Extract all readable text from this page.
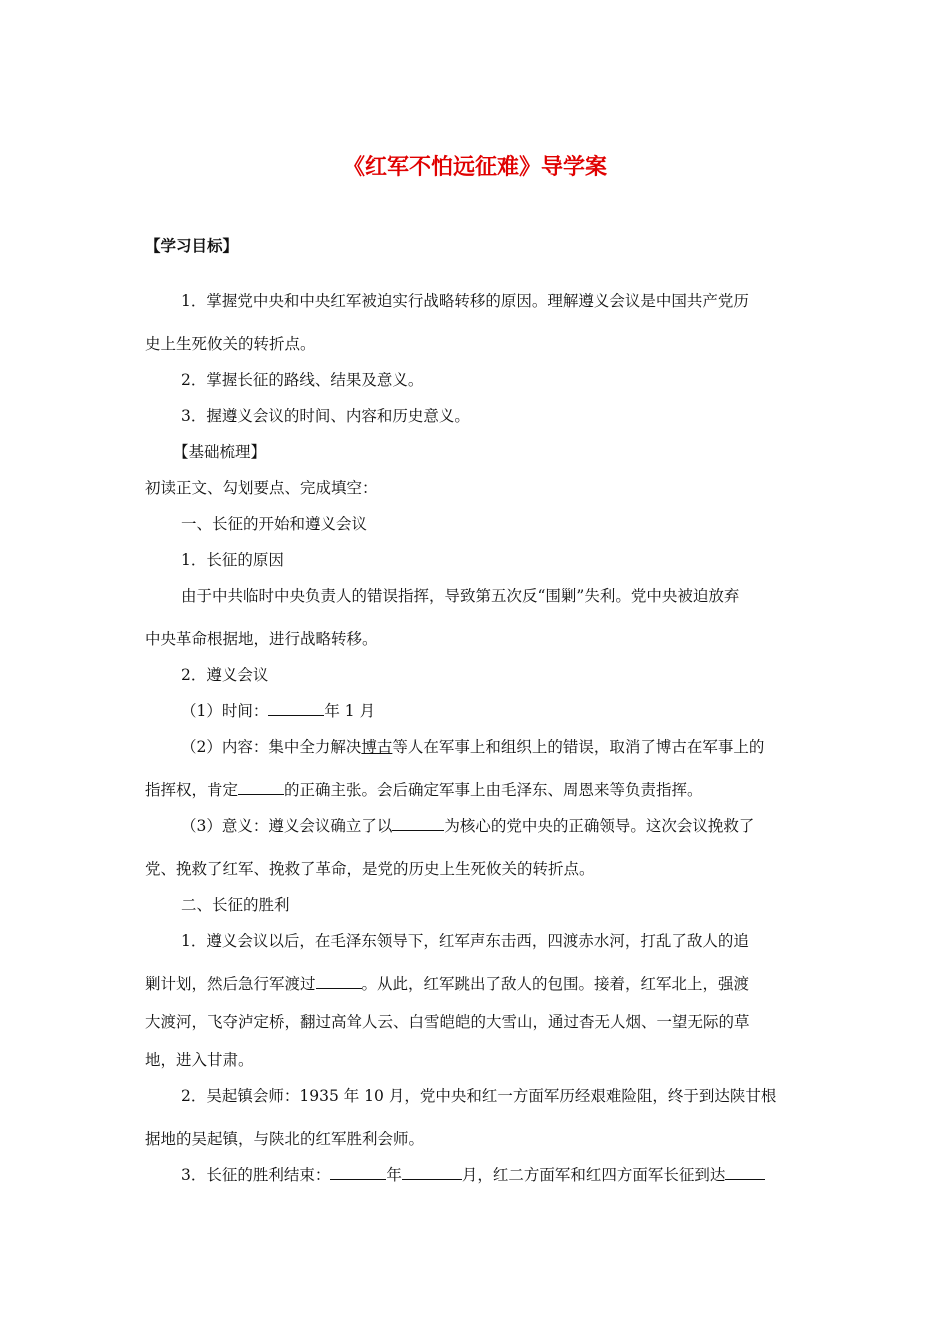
《红军不怕远征难》导学案
【学习目标】
1．掌握党中央和中央红军被迫实行战略转移的原因。理解遵义会议是中国共产党历
史上生死攸关的转折点。
2．掌握长征的路线、结果及意义。
3．握遵义会议的时间、内容和历史意义。
【基础梳理】
初读正文、勾划要点、完成填空：
一、长征的开始和遵义会议
1．长征的原因
由于中共临时中央负责人的错误指挥，导致第五次反“围剿”失利。党中央被迫放弃
中央革命根据地，进行战略转移。
2．遵义会议
（1）时间：	年 1 月
（2）内容：集中全力解决博古等人在军事上和组织上的错误，取消了博古在军事上的
指挥权，肯定	的正确主张。会后确定军事上由毛泽东、周恩来等负责指挥。
（3）意义：遵义会议确立了以	为核心的党中央的正确领导。这次会议挽救了
党、挽救了红军、挽救了革命，是党的历史上生死攸关的转折点。
二、长征的胜利
1．遵义会议以后，在毛泽东领导下，红军声东击西，四渡赤水河，打乱了敌人的追
剿计划，然后急行军渡过	。从此，红军跳出了敌人的包围。接着，红军北上，强渡
大渡河，飞夺泸定桥，翻过高耸人云、白雪皑皑的大雪山，通过杳无人烟、一望无际的草
地，进入甘肃。
2．吴起镇会师：1935 年 10 月，党中央和红一方面军历经艰难险阻，终于到达陕甘根
据地的吴起镇，与陕北的红军胜利会师。
3．长征的胜利结束：	年	月，红二方面军和红四方面军长征到达
